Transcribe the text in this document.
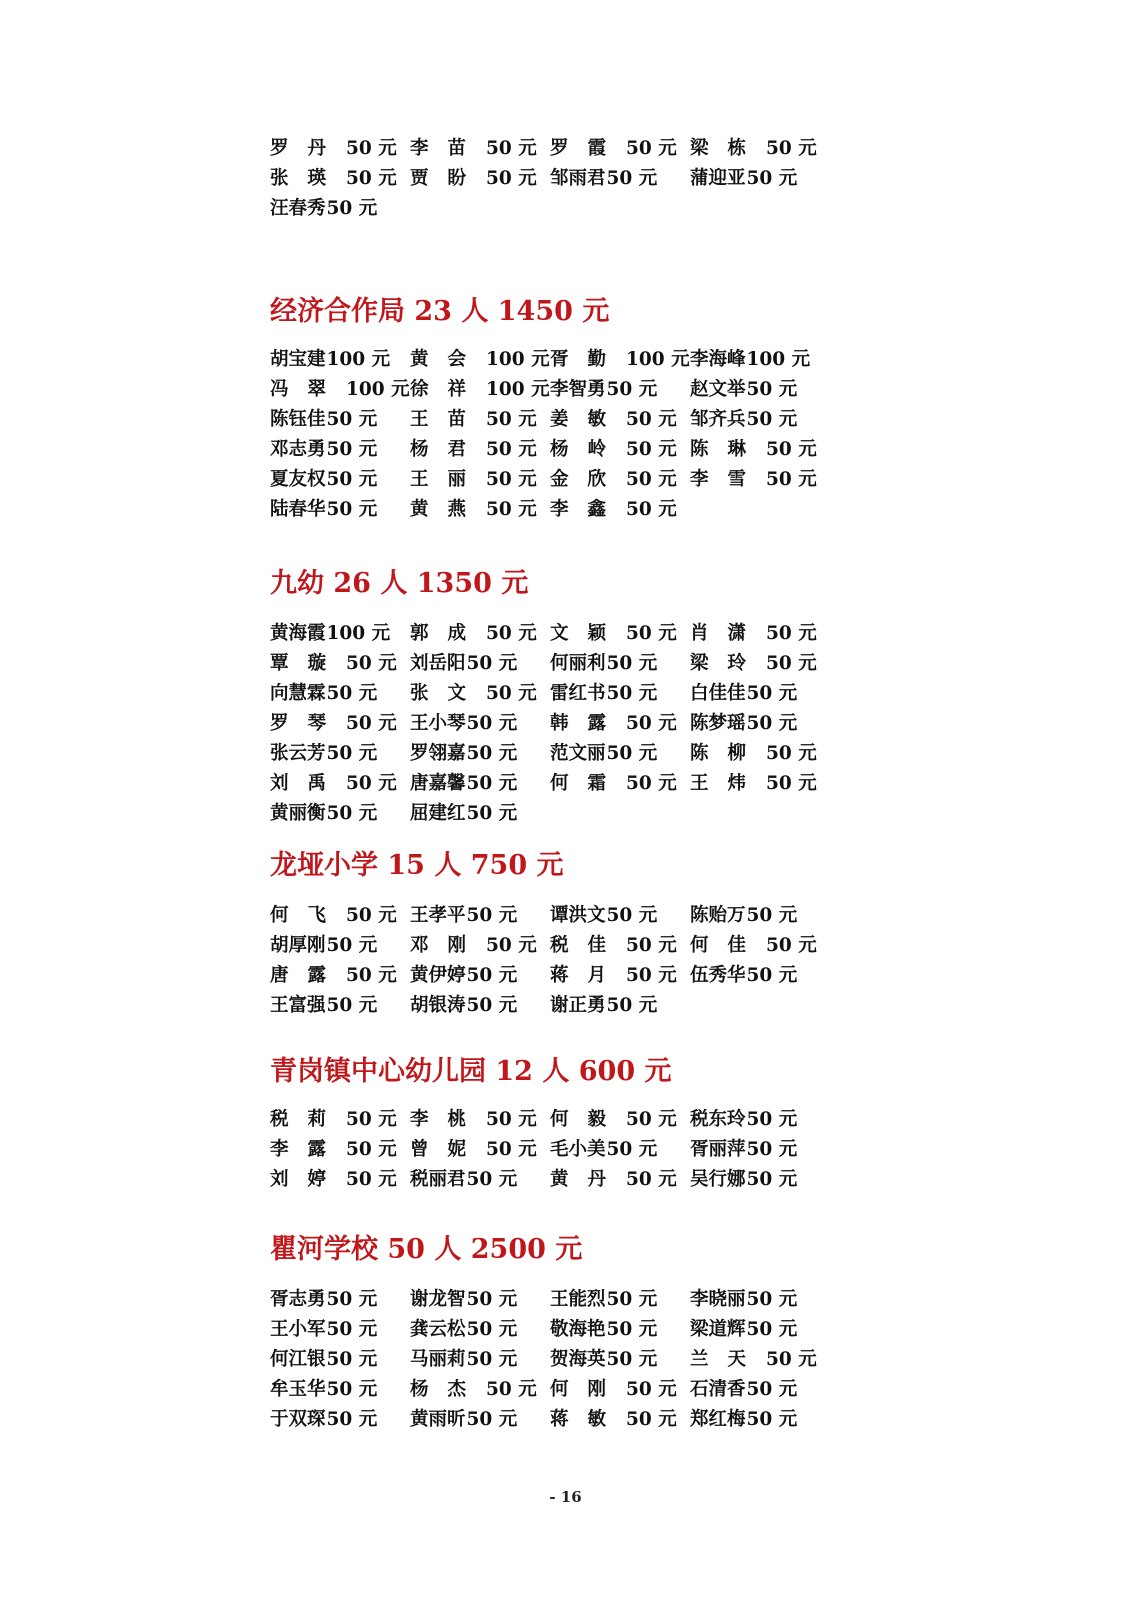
罗丹50 元 李苗50 元 罗霞50 元 梁栋50 元
张瑛50 元 贾盼50 元 邹雨君50 元 蒲迎亚50 元
汪春秀50 元
经济合作局 23 人 1450 元
胡宝建100 元 黄会100 元 胥勤100 元 李海峰100 元
冯翠100 元 徐祥100 元 李智勇50 元 赵文举50 元
陈钰佳50 元 王苗50 元 姜敏50 元 邹齐兵50 元
邓志勇50 元 杨君50 元 杨岭50 元 陈琳50 元
夏友权50 元 王丽50 元 金欣50 元 李雪50 元
陆春华50 元 黄燕50 元 李鑫50 元
九幼 26 人 1350 元
黄海霞100 元 郭成50 元 文颖50 元 肖潇50 元
覃璇50 元 刘岳阳50 元 何丽利50 元 梁玲50 元
向慧霖50 元 张文50 元 雷红书50 元 白佳佳50 元
罗琴50 元 王小琴50 元 韩露50 元 陈梦瑶50 元
张云芳50 元 罗翎嘉50 元 范文丽50 元 陈柳50 元
刘禹50 元 唐嘉馨50 元 何霜50 元 王炜50 元
黄丽衡50 元 屈建红50 元
龙垭小学 15 人 750 元
何飞50 元 王孝平50 元 谭洪文50 元 陈贻万50 元
胡厚刚50 元 邓刚50 元 税佳50 元 何佳50 元
唐露50 元 黄伊婷50 元 蒋月50 元 伍秀华50 元
王富强50 元 胡银涛50 元 谢正勇50 元
青岗镇中心幼儿园 12 人 600 元
税莉50 元 李桃50 元 何毅50 元 税东玲50 元
李露50 元 曾妮50 元 毛小美50 元 胥丽萍50 元
刘婷50 元 税丽君50 元 黄丹50 元 吴行娜50 元
瞿河学校 50 人 2500 元
胥志勇50 元 谢龙智50 元 王能烈50 元 李晓丽50 元
王小军50 元 龚云松50 元 敬海艳50 元 梁道辉50 元
何江银50 元 马丽莉50 元 贺海英50 元 兰天50 元
牟玉华50 元 杨杰50 元 何刚50 元 石清香50 元
于双琛50 元 黄雨昕50 元 蒋敏50 元 郑红梅50 元
- 16
